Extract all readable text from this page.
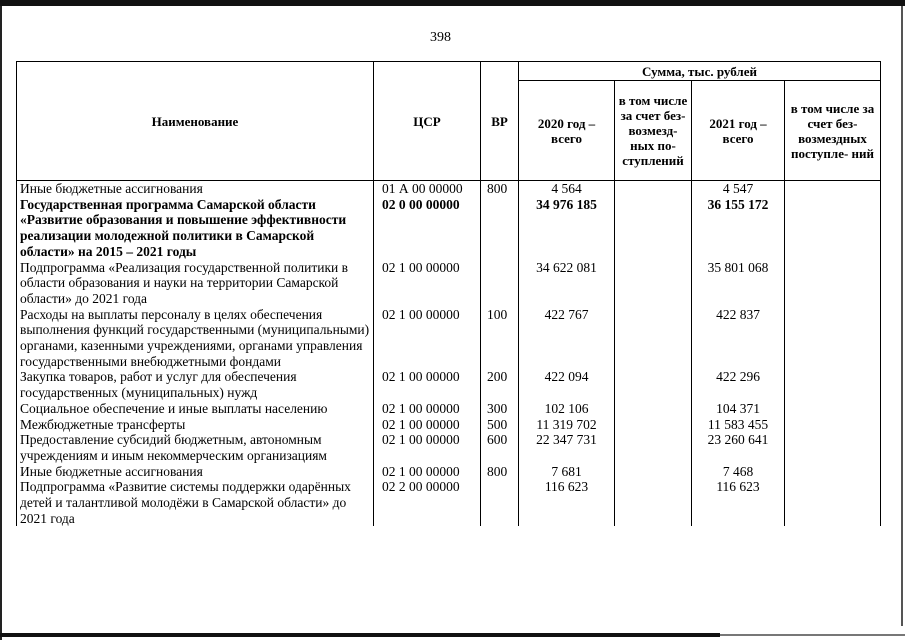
398
Наименование	ЦСР	ВР	Сумма, тыс. рублей			
			2020 год – всего	в том числе за счет без- возмезд- ных по- ступлений	2021 год – всего	в том числе за счет без- возмездных поступле- ний
Иные бюджетные ассигнования	01 А 00 00000	800	4 564		4 547	
Государственная программа Самарской области «Развитие образования и повышение эффективности реализации молодежной политики в Самарской области» на 2015 – 2021 годы	02 0 00 00000		34 976 185		36 155 172	
Подпрограмма «Реализация государственной политики в области образования и науки на территории Самарской области» до 2021 года	02 1 00 00000		34 622 081		35 801 068	
Расходы на выплаты персоналу в целях обеспечения выполнения функций государственными (муниципальными) органами, казенными учреждениями, органами управления государственными внебюджетными фондами	02 1 00 00000	100	422 767		422 837	
Закупка товаров, работ и услуг для обеспечения государственных (муниципальных) нужд	02 1 00 00000	200	422 094		422 296	
Социальное обеспечение и иные выплаты населению	02 1 00 00000	300	102 106		104 371	
Межбюджетные трансферты	02 1 00 00000	500	11 319 702		11 583 455	
Предоставление субсидий бюджетным, автономным учреждениям и иным некоммерческим организациям	02 1 00 00000	600	22 347 731		23 260 641	
Иные бюджетные ассигнования	02 1 00 00000	800	7 681		7 468	
Подпрограмма «Развитие системы поддержки одарённых детей и талантливой молодёжи в Самарской области» до 2021 года	02 2 00 00000		116 623		116 623	
